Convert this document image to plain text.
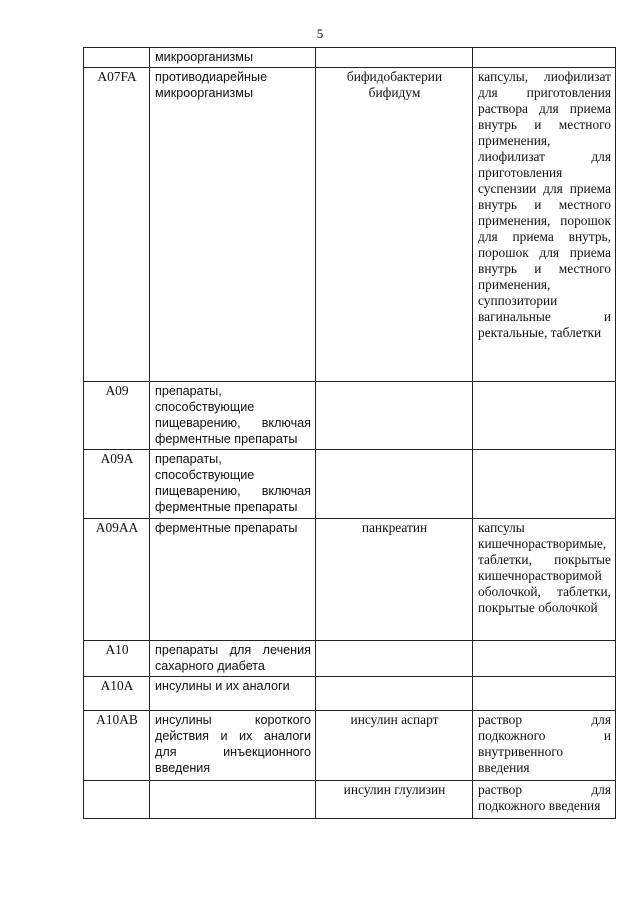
5
	микроорганизмы		
A07FA	противодиарейные микроорганизмы	бифидобактерии бифидум	капсулы, лиофилизат для приготовления раствора для приема внутрь и местного применения, лиофилизат для приготовления суспензии для приема внутрь и местного применения, порошок для приема внутрь, порошок для приема внутрь и местного применения, суппозитории вагинальные и ректальные, таблетки
A09	препараты, способствующие пищеварению, включая ферментные препараты		
A09A	препараты, способствующие пищеварению, включая ферментные препараты		
A09AA	ферментные препараты	панкреатин	капсулы кишечнорастворимые, таблетки, покрытые кишечнорастворимой оболочкой, таблетки, покрытые оболочкой
A10	препараты для лечения сахарного диабета		
A10A	инсулины и их аналоги		
A10AB	инсулины короткого действия и их аналоги для инъекционного введения	инсулин аспарт	раствор для подкожного и внутривенного введения
		инсулин глулизин	раствор для подкожного введения
